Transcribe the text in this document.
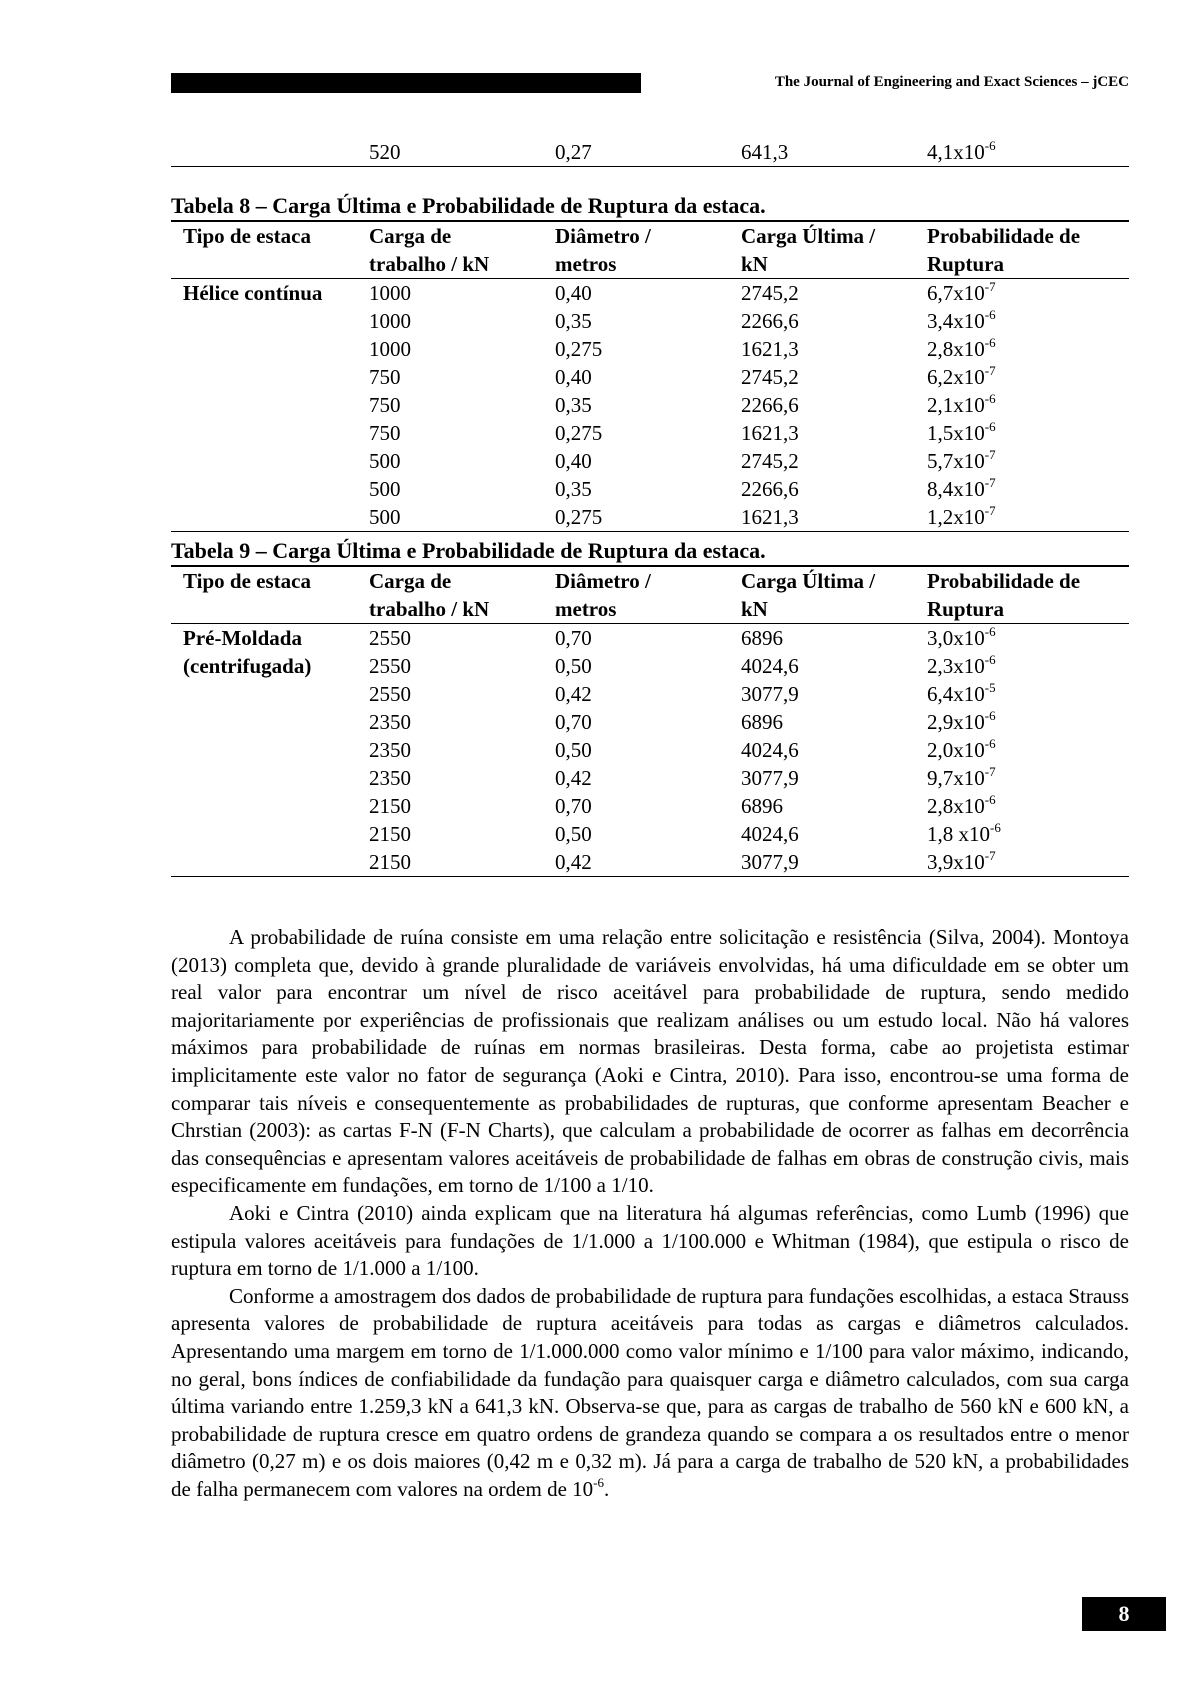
The Journal of Engineering and Exact Sciences – jCEC
	520	0,27	641,3	$4,1x10^{-6}$
Tabela 8 – Carga Última e Probabilidade de Ruptura da estaca.
Tipo de estaca	Carga de	Diâmetro /	Carga Última /	Probabilidade de
	trabalho / kN	metros	kN	Ruptura
Hélice contínua	1000	0,40	2745,2	$6,7x10^{-7}$
	1000	0,35	2266,6	$3,4x10^{-6}$
	1000	0,275	1621,3	$2,8x10^{-6}$
	750	0,40	2745,2	$6,2x10^{-7}$
	750	0,35	2266,6	$2,1x10^{-6}$
	750	0,275	1621,3	$1,5x10^{-6}$
	500	0,40	2745,2	$5,7x10^{-7}$
	500	0,35	2266,6	$8,4x10^{-7}$
	500	0,275	1621,3	$1,2x10^{-7}$
Tabela 9 – Carga Última e Probabilidade de Ruptura da estaca.
Tipo de estaca	Carga de	Diâmetro /	Carga Última /	Probabilidade de
	trabalho / kN	metros	kN	Ruptura
Pré-Moldada	2550	0,70	6896	$3,0x10^{-6}$
(centrifugada)	2550	0,50	4024,6	$2,3x10^{-6}$
	2550	0,42	3077,9	$6,4x10^{-5}$
	2350	0,70	6896	$2,9x10^{-6}$
	2350	0,50	4024,6	$2,0x10^{-6}$
	2350	0,42	3077,9	$9,7x10^{-7}$
	2150	0,70	6896	$2,8x10^{-6}$
	2150	0,50	4024,6	1,8 $x10^{-6}$
	2150	0,42	3077,9	$3,9x10^{-7}$

A probabilidade de ruína consiste em uma relação entre solicitação e resistência (Silva, 2004). Montoya (2013) completa que, devido à grande pluralidade de variáveis envolvidas, há uma dificuldade em se obter um real valor para encontrar um nível de risco aceitável para probabilidade de ruptura, sendo medido majoritariamente por experiências de profissionais que realizam análises ou um estudo local. Não há valores máximos para probabilidade de ruínas em normas brasileiras. Desta forma, cabe ao projetista estimar implicitamente este valor no fator de segurança (Aoki e Cintra, 2010). Para isso, encontrou-se uma forma de comparar tais níveis e consequentemente as probabilidades de rupturas, que conforme apresentam Beacher e Chrstian (2003): as cartas F-N (F-N Charts), que calculam a probabilidade de ocorrer as falhas em decorrência das consequências e apresentam valores aceitáveis de probabilidade de falhas em obras de construção civis, mais especificamente em fundações, em torno de 1/100 a 1/10.

Aoki e Cintra (2010) ainda explicam que na literatura há algumas referências, como Lumb (1996) que estipula valores aceitáveis para fundações de 1/1.000 a 1/100.000 e Whitman (1984), que estipula o risco de ruptura em torno de 1/1.000 a 1/100.

Conforme a amostragem dos dados de probabilidade de ruptura para fundações escolhidas, a estaca Strauss apresenta valores de probabilidade de ruptura aceitáveis para todas as cargas e diâmetros calculados. Apresentando uma margem em torno de 1/1.000.000 como valor mínimo e 1/100 para valor máximo, indicando, no geral, bons índices de confiabilidade da fundação para quaisquer carga e diâmetro calculados, com sua carga última variando entre 1.259,3 kN a 641,3 kN. Observa-se que, para as cargas de trabalho de 560 kN e 600 kN, a probabilidade de ruptura cresce em quatro ordens de grandeza quando se compara a os resultados entre o menor diâmetro (0,27 m) e os dois maiores (0,42 m e 0,32 m). Já para a carga de trabalho de 520 kN, a probabilidades de falha permanecem com valores na ordem de $10^{-6}$.

8
